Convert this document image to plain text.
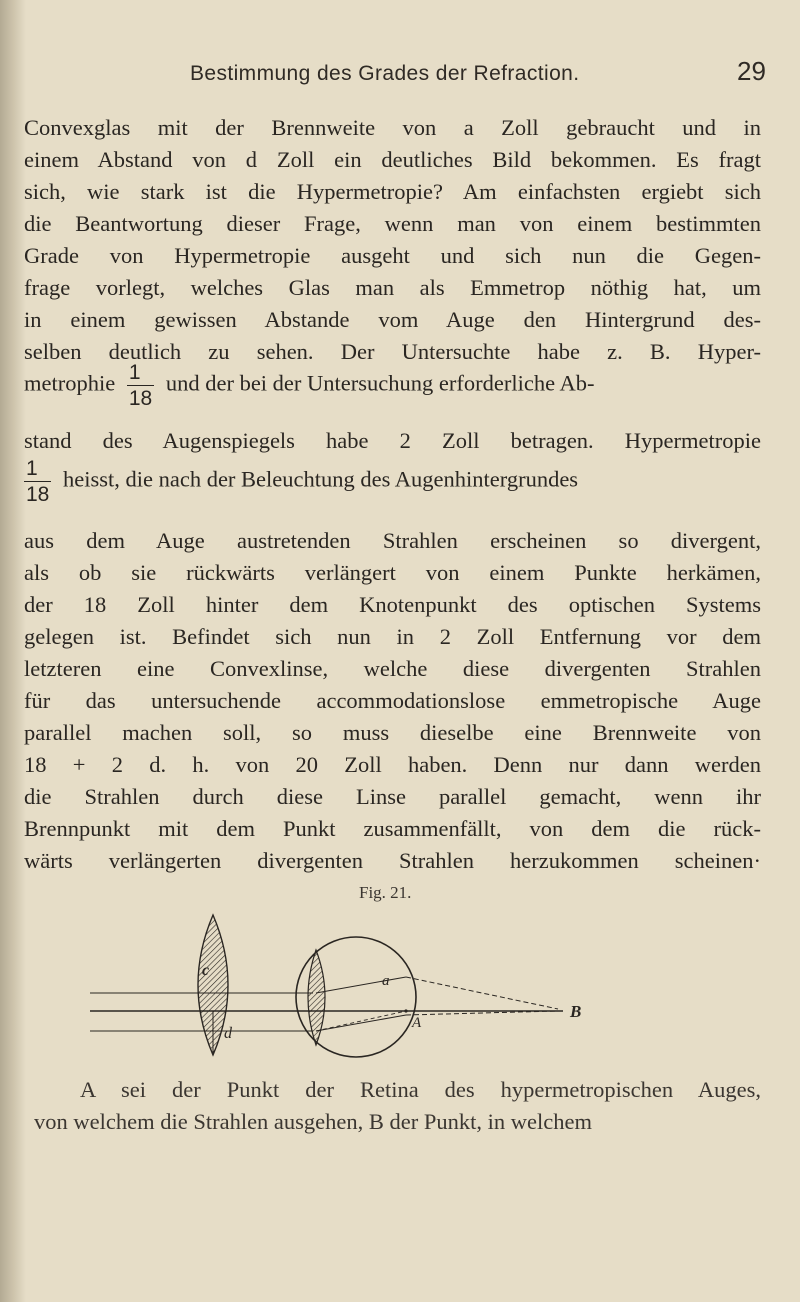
Bestimmung des Grades der Refraction.	29
Convexglas mit der Brennweite von a Zoll gebraucht und in
einem Abstand von d Zoll ein deutliches Bild bekommen. Es fragt
sich, wie stark ist die Hypermetropie? Am einfachsten ergiebt sich
die Beantwortung dieser Frage, wenn man von einem bestimmten
Grade von Hypermetropie ausgeht und sich nun die Gegen-
frage vorlegt, welches Glas man als Emmetrop nöthig hat, um
in einem gewissen Abstande vom Auge den Hintergrund des-
selben deutlich zu sehen. Der Untersuchte habe z. B. Hyper-
metrophie $\frac{1}{18}$ und der bei der Untersuchung erforderliche Ab-
stand des Augenspiegels habe 2 Zoll betragen. Hypermetropie
$\frac{1}{18}$ heisst, die nach der Beleuchtung des Augenhintergrundes
aus dem Auge austretenden Strahlen erscheinen so divergent,
als ob sie rückwärts verlängert von einem Punkte herkämen,
der 18 Zoll hinter dem Knotenpunkt des optischen Systems
gelegen ist. Befindet sich nun in 2 Zoll Entfernung vor dem
letzteren eine Convexlinse, welche diese divergenten Strahlen
für das untersuchende accommodationslose emmetropische Auge
parallel machen soll, so muss dieselbe eine Brennweite von
18 + 2 d. h. von 20 Zoll haben. Denn nur dann werden
die Strahlen durch diese Linse parallel gemacht, wenn ihr
Brennpunkt mit dem Punkt zusammenfällt, von dem die rück-
wärts verlängerten divergenten Strahlen herzukommen scheinen·
Fig. 21.
c
d
a
A
B
A sei der Punkt der Retina des hypermetropischen Auges,
von welchem die Strahlen ausgehen, B der Punkt, in welchem
